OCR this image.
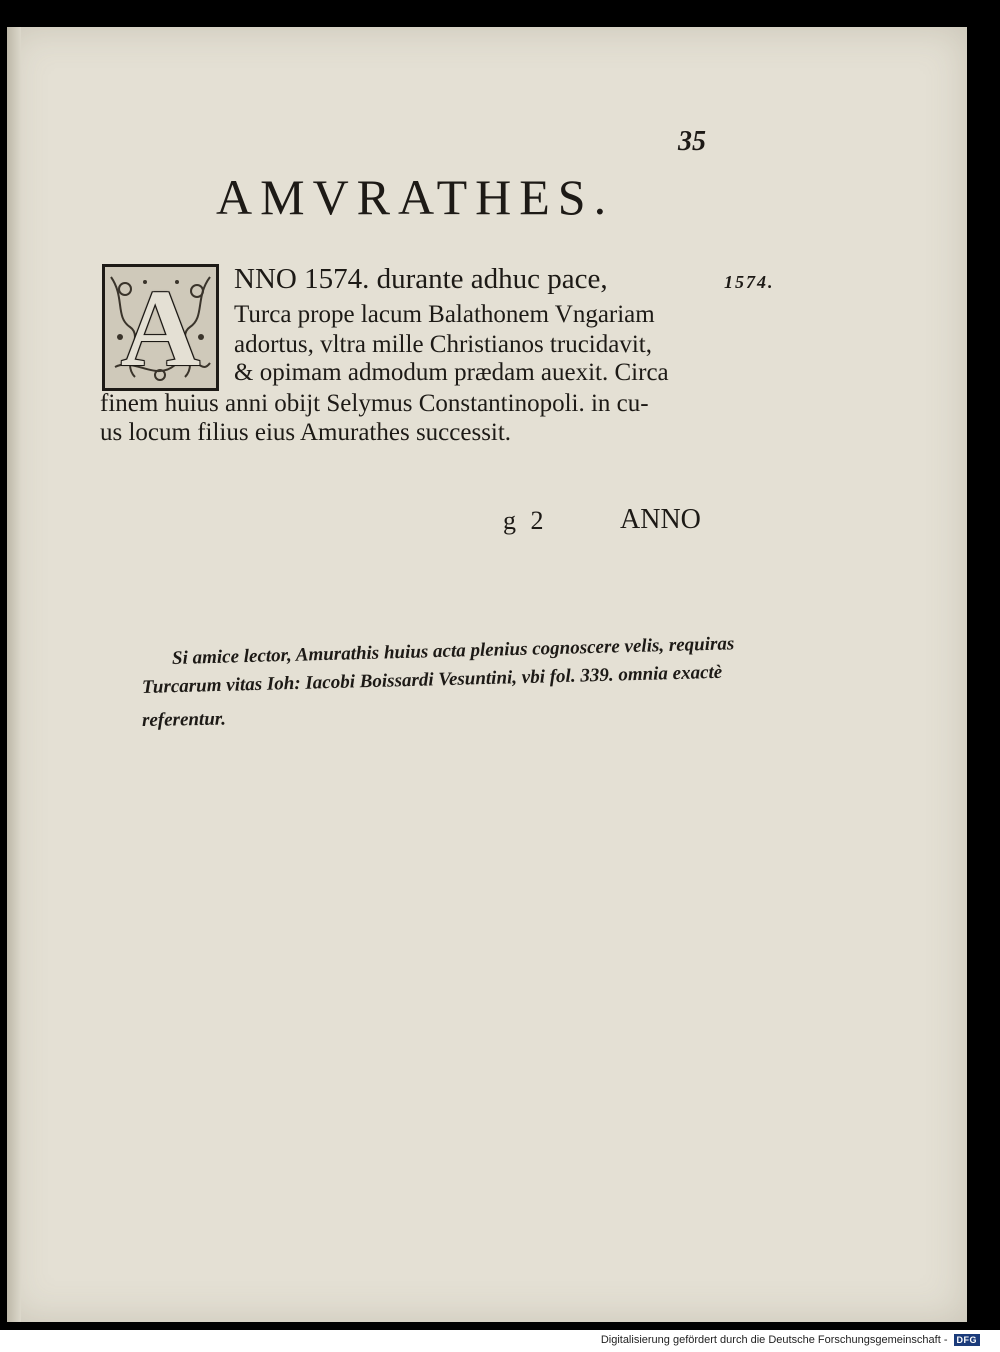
35
AMVRATHES.
A	NNO 1574. durante adhuc pace,
Turca prope lacum Balathonem Vngariam
adortus, vltra mille Christianos trucidavit,
& opimam admodum prædam auexit. Circa
finem huius anni obijt Selymus Constantinopoli. in cu-
us locum filius eius Amurathes successit.
1574.
g 2	ANNO
Si amice lector, Amurathis huius acta plenius cognoscere velis, requiras
Turcarum vitas Ioh: Iacobi Boissardi Vesuntini, vbi fol. 339. omnia exactè
referentur.
Digitalisierung gefördert durch die Deutsche Forschungsgemeinschaft -	DFG
